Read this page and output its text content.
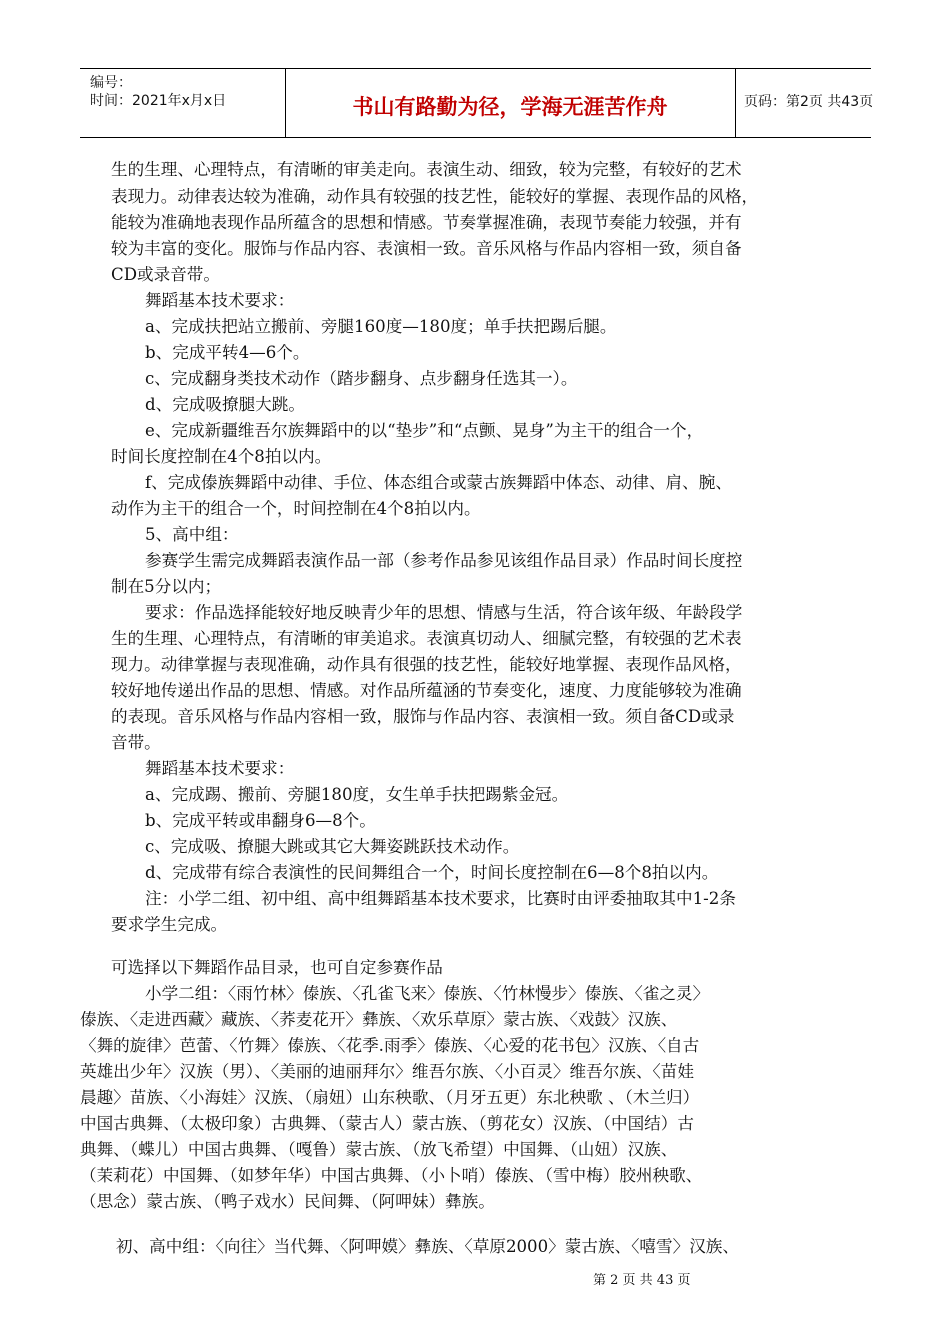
编号：
时间：2021年x月x日	书山有路勤为径，学海无涯苦作舟	页码：第2页 共43页
生的生理、心理特点，有清晰的审美走向。表演生动、细致，较为完整，有较好的艺术
表现力。动律表达较为准确，动作具有较强的技艺性，能较好的掌握、表现作品的风格，
能较为准确地表现作品所蕴含的思想和情感。节奏掌握准确，表现节奏能力较强，并有
较为丰富的变化。服饰与作品内容、表演相一致。音乐风格与作品内容相一致，须自备
CD或录音带。
舞蹈基本技术要求：
a、完成扶把站立搬前、旁腿160度—180度；单手扶把踢后腿。
b、完成平转4—6个。
c、完成翻身类技术动作（踏步翻身、点步翻身任选其一）。
d、完成吸撩腿大跳。
e、完成新疆维吾尔族舞蹈中的以“垫步”和“点颤、晃身”为主干的组合一个，
时间长度控制在4个8拍以内。
f、完成傣族舞蹈中动律、手位、体态组合或蒙古族舞蹈中体态、动律、肩、腕、
动作为主干的组合一个，时间控制在4个8拍以内。
5、高中组：
参赛学生需完成舞蹈表演作品一部（参考作品参见该组作品目录）作品时间长度控
制在5分以内；
要求：作品选择能较好地反映青少年的思想、情感与生活，符合该年级、年龄段学
生的生理、心理特点，有清晰的审美追求。表演真切动人、细腻完整，有较强的艺术表
现力。动律掌握与表现准确，动作具有很强的技艺性，能较好地掌握、表现作品风格，
较好地传递出作品的思想、情感。对作品所蕴涵的节奏变化，速度、力度能够较为准确
的表现。音乐风格与作品内容相一致，服饰与作品内容、表演相一致。须自备CD或录
音带。
舞蹈基本技术要求：
a、完成踢、搬前、旁腿180度，女生单手扶把踢紫金冠。
b、完成平转或串翻身6—8个。
c、完成吸、撩腿大跳或其它大舞姿跳跃技术动作。
d、完成带有综合表演性的民间舞组合一个，时间长度控制在6—8个8拍以内。
注：小学二组、初中组、高中组舞蹈基本技术要求，比赛时由评委抽取其中1-2条
要求学生完成。
可选择以下舞蹈作品目录，也可自定参赛作品
小学二组：〈雨竹林〉傣族、〈孔雀飞来〉傣族、〈竹林慢步〉傣族、〈雀之灵〉
傣族、〈走进西藏〉藏族、〈荞麦花开〉彝族、〈欢乐草原〉蒙古族、〈戏鼓〉汉族、
〈舞的旋律〉芭蕾、〈竹舞〉傣族、〈花季.雨季〉傣族、〈心爱的花书包〉汉族、〈自古
英雄出少年〉汉族（男）、〈美丽的迪丽拜尔〉维吾尔族、〈小百灵〉维吾尔族、〈苗娃
晨趣〉苗族、〈小海娃〉汉族、（扇妞）山东秧歌、（月牙五更）东北秧歌 、（木兰归）
中国古典舞、（太极印象）古典舞、（蒙古人）蒙古族、（剪花女）汉族、（中国结）古
典舞、（蝶儿）中国古典舞、（嘎鲁）蒙古族、（放飞希望）中国舞、（山妞）汉族、
（茉莉花）中国舞、（如梦年华）中国古典舞、（小卜哨）傣族、（雪中梅）胶州秧歌、
（思念）蒙古族、（鸭子戏水）民间舞、（阿呷妹）彝族。
初、高中组：〈向往〉当代舞、〈阿呷嫫〉彝族、〈草原2000〉蒙古族、〈嘻雪〉汉族、
第 2 页 共 43 页
